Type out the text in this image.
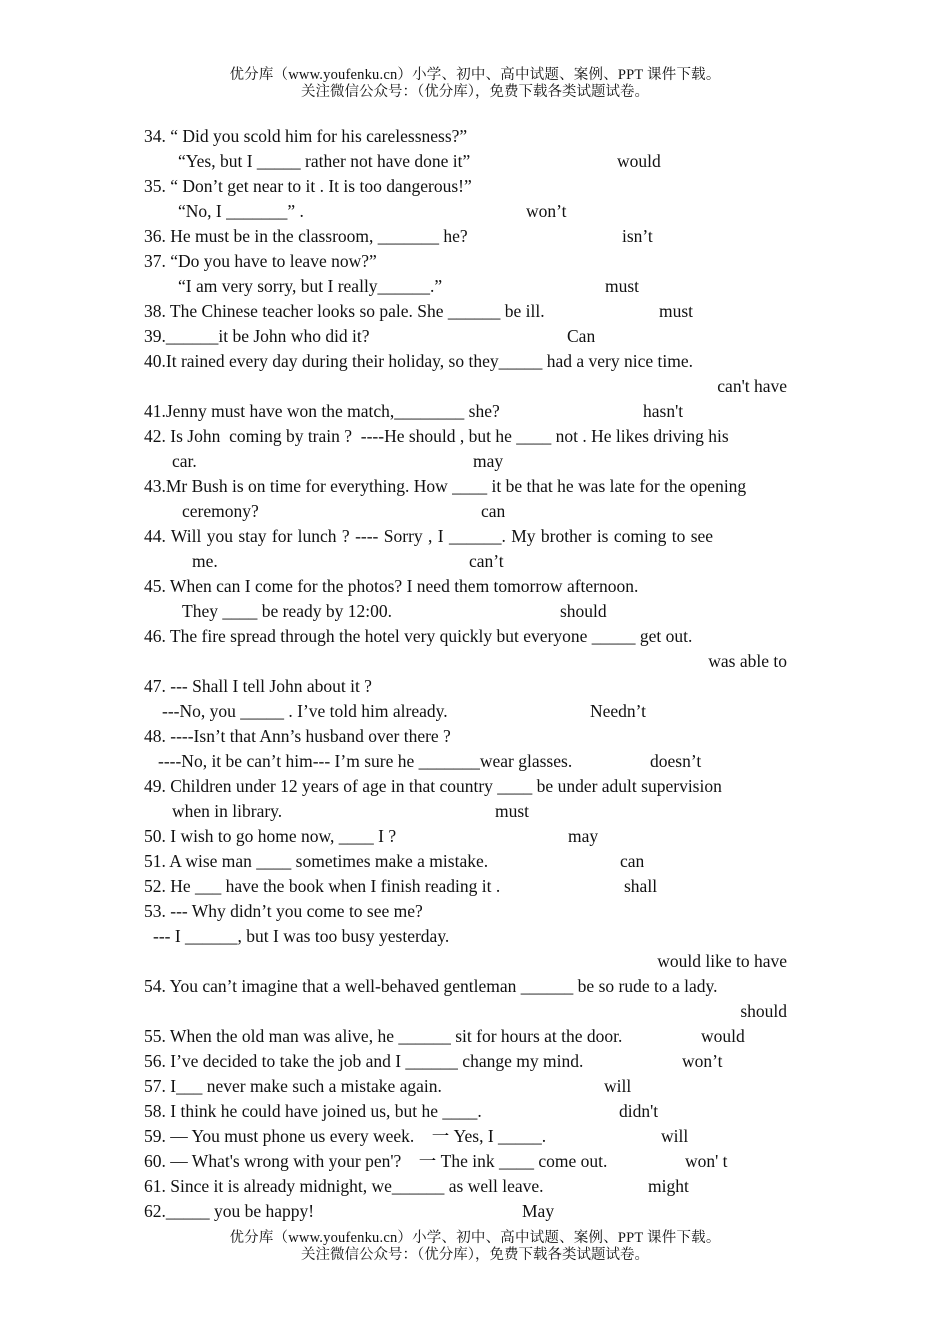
优分库（www.youfenku.cn）小学、初中、高中试题、案例、PPT 课件下载。
关注微信公众号：（优分库），免费下载各类试题试卷。
34. “ Did you scold him for his carelessness?”
“Yes, but I _____ rather not have done it”	would
35. “ Don’t get near to it . It is too dangerous!”
“No, I _______” .	won’t
36. He must be in the classroom, _______ he?	isn’t
37. “Do you have to leave now?”
“I am very sorry, but I really______.”	must
38. The Chinese teacher looks so pale. She ______ be ill.	must
39.______it be John who did it?	Can
40.It rained every day during their holiday, so they_____ had a very nice time.
can't have
41.Jenny must have won the match,________ she?	hasn't
42. Is John  coming by train ?  ----He should , but he ____ not . He likes driving his
car.	may
43.Mr Bush is on time for everything. How ____ it be that he was late for the opening
ceremony?	can
44. Will you stay for lunch ? ---- Sorry , I ______. My brother is coming to see
me.	can’t
45. When can I come for the photos? I need them tomorrow afternoon.
They ____ be ready by 12:00.	should
46. The fire spread through the hotel very quickly but everyone _____ get out.
was able to
47. --- Shall I tell John about it ?
---No, you _____ . I’ve told him already.	Needn’t
48. ----Isn’t that Ann’s husband over there ?
----No, it be can’t him--- I’m sure he _______wear glasses.	doesn’t
49. Children under 12 years of age in that country ____ be under adult supervision
when in library.	must
50. I wish to go home now, ____ I ?	may
51. A wise man ____ sometimes make a mistake.	can
52. He ___ have the book when I finish reading it .	shall
53. --- Why didn’t you come to see me?
--- I ______, but I was too busy yesterday.
would like to have
54. You can’t imagine that a well-behaved gentleman ______ be so rude to a lady.
should
55. When the old man was alive, he ______ sit for hours at the door.	would
56. I’ve decided to take the job and I ______ change my mind.	won’t
57. I___ never make such a mistake again.	will
58. I think he could have joined us, but he ____.	didn't
59. — You must phone us every week.    一 Yes, I _____.	will
60. — What's wrong with your pen'?    一 The ink ____ come out.	won' t
61. Since it is already midnight, we______ as well leave.	might
62._____ you be happy!	May
优分库（www.youfenku.cn）小学、初中、高中试题、案例、PPT 课件下载。
关注微信公众号：（优分库），免费下载各类试题试卷。
